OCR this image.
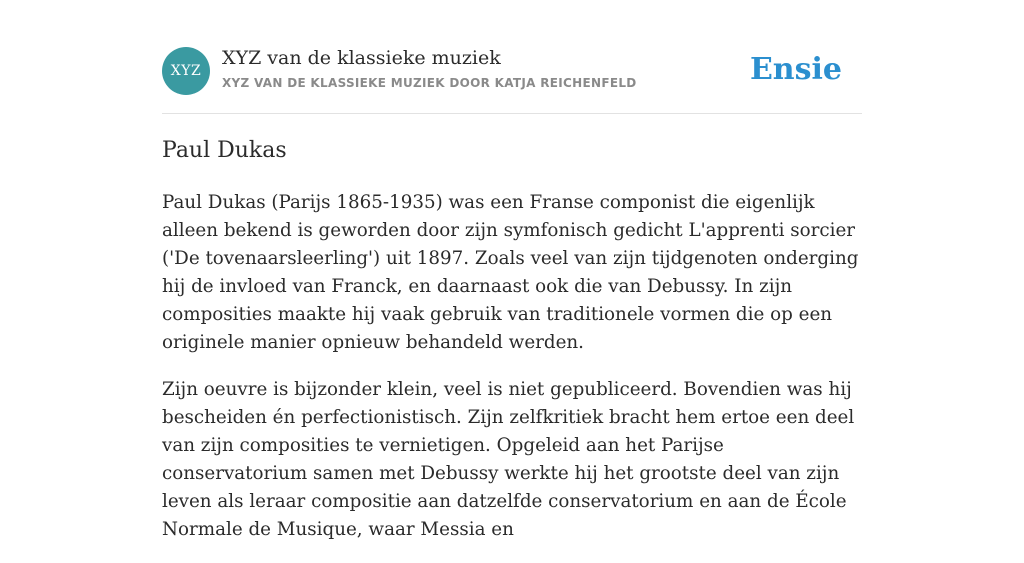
XYZ
XYZ van de klassieke muziek
XYZ VAN DE KLASSIEKE MUZIEK DOOR KATJA REICHENFELD	Ensie
Paul Dukas

Paul Dukas (Parijs 1865-1935) was een Franse componist die eigenlijk alleen bekend is geworden door zijn symfonisch gedicht L'apprenti sorcier ('De tovenaarsleerling') uit 1897. Zoals veel van zijn tijdgenoten onderging hij de invloed van Franck, en daarnaast ook die van Debussy. In zijn composities maakte hij vaak gebruik van traditionele vormen die op een originele manier opnieuw behandeld werden.

Zijn oeuvre is bijzonder klein, veel is niet gepubliceerd. Bovendien was hij bescheiden én perfectionistisch. Zijn zelfkritiek bracht hem ertoe een deel van zijn composities te vernietigen. Opgeleid aan het Parijse conservatorium samen met Debussy werkte hij het grootste deel van zijn leven als leraar compositie aan datzelfde conservatorium en aan de École Normale de Musique, waar Messia en
